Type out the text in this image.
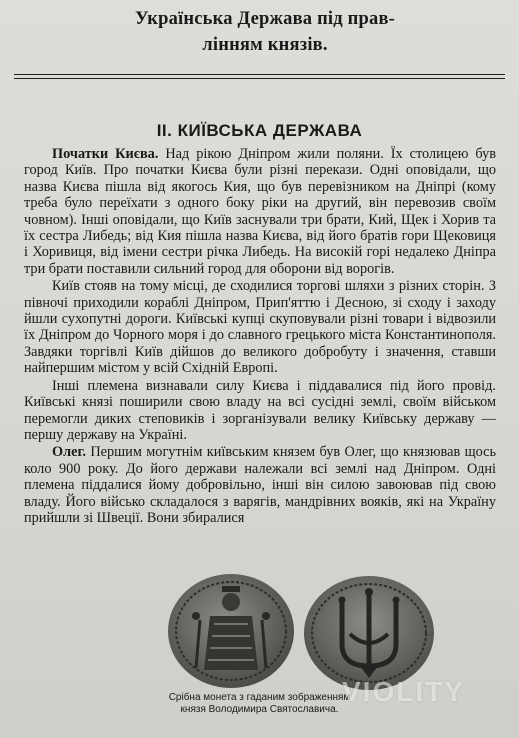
Українська Держава під прав-
лінням князів.
II. КИЇВСЬКА ДЕРЖАВА

Початки Києва. Над рікою Дніпром жили поляни. Їх столицею був город Київ. Про початки Києва були різні перекази. Одні оповідали, що назва Києва пішла від якогось Кия, що був перевізником на Дніпрі (кому треба було переїхати з одного боку ріки на другий, він перевозив своїм човном). Інші оповідали, що Київ заснували три брати, Кий, Щек і Хорив та їх сестра Либедь; від Кия пішла назва Києва, від його братів гори Щековиця і Хоривиця, від імени сестри річка Либедь. На високій горі недалеко Дніпра три брати поставили сильний город для оборони від ворогів.

Київ стояв на тому місці, де сходилися торгові шляхи з різних сторін. З півночі приходили кораблі Дніпром, Прип'яттю і Десною, зі сходу і заходу йшли сухопутні дороги. Київські купці скуповували різні товари і відвозили їх Дніпром до Чорного моря і до славного грецького міста Константинополя. Завдяки торгівлі Київ дійшов до великого добробуту і значення, ставши найпершим містом у всій Східній Европі.

Інші племена визнавали силу Києва і піддавалися під його провід. Київські князі поширили свою владу на всі сусідні землі, своїм військом перемогли диких степовиків і зорганізували велику Київську державу — першу державу на Україні.

Олег. Першим могутнім київським князем був Олег, що князював щось коло 900 року. До його держави належали всі землі над Дніпром. Одні племена піддалися йому добровільно, інші він силою завоював під свою владу. Його військо складалося з варягів, мандрівних вояків, які на Україну прийшли зі Швеції. Вони збиралися

Срібна монета з гаданим зображенням
князя Володимира Святославича.
VIOLITY
